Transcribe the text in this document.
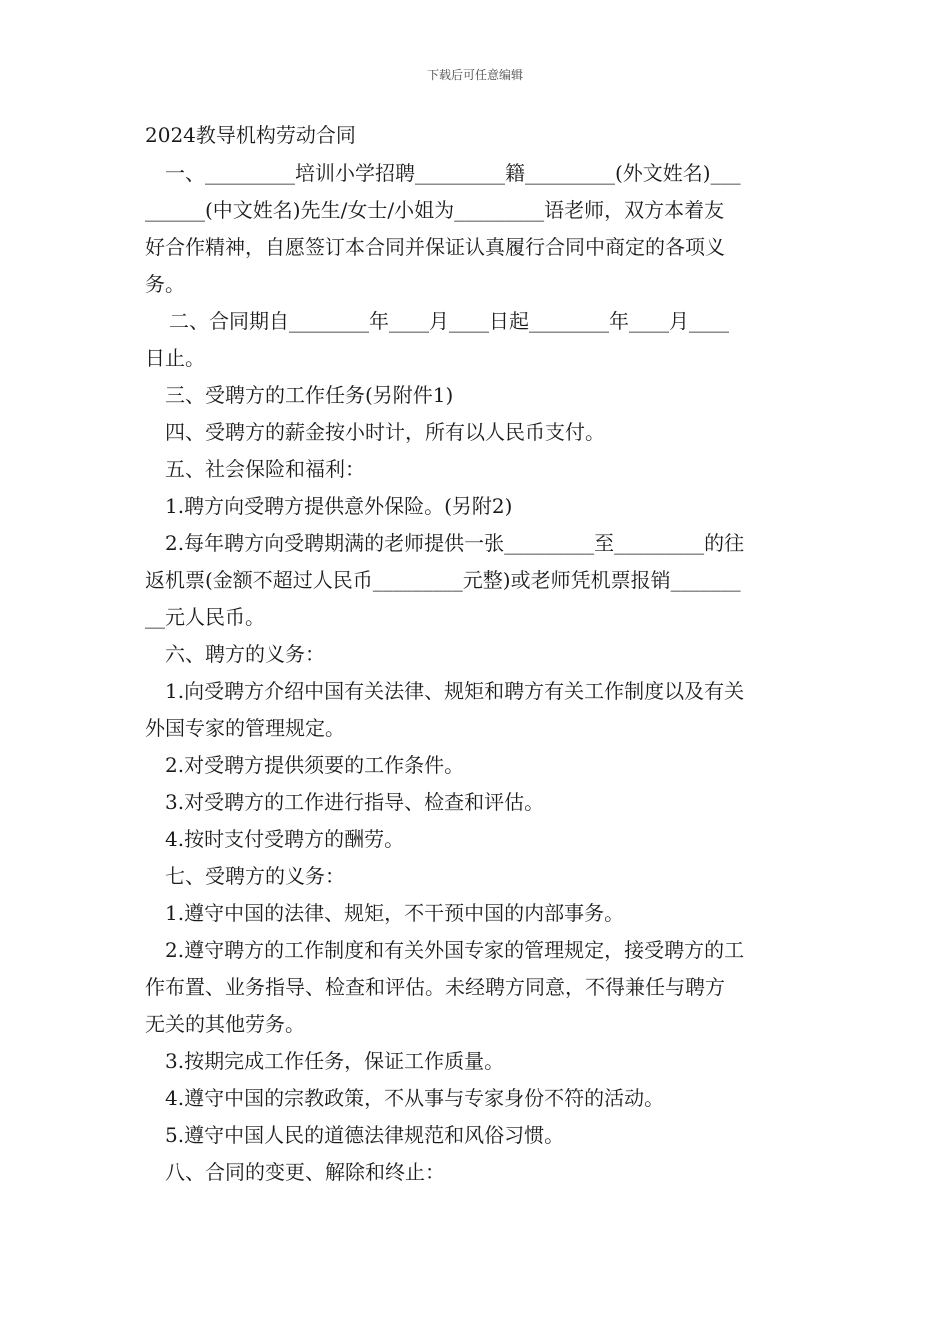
下载后可任意编辑
2024教导机构劳动合同

一、_________培训小学招聘_________籍_________(外文姓名)___

______(中文姓名)先生/女士/小姐为_________语老师，双方本着友

好合作精神，自愿签订本合同并保证认真履行合同中商定的各项义

务。

二、合同期自________年____月____日起________年____月____

日止。

三、受聘方的工作任务(另附件1)

四、受聘方的薪金按小时计，所有以人民币支付。

五、社会保险和福利：

1.聘方向受聘方提供意外保险。(另附2)

2.每年聘方向受聘期满的老师提供一张_________至_________的往

返机票(金额不超过人民币_________元整)或老师凭机票报销_______

__元人民币。

六、聘方的义务：

1.向受聘方介绍中国有关法律、规矩和聘方有关工作制度以及有关

外国专家的管理规定。

2.对受聘方提供须要的工作条件。

3.对受聘方的工作进行指导、检查和评估。

4.按时支付受聘方的酬劳。

七、受聘方的义务：

1.遵守中国的法律、规矩，不干预中国的内部事务。

2.遵守聘方的工作制度和有关外国专家的管理规定，接受聘方的工

作布置、业务指导、检查和评估。未经聘方同意，不得兼任与聘方

无关的其他劳务。

3.按期完成工作任务，保证工作质量。

4.遵守中国的宗教政策，不从事与专家身份不符的活动。

5.遵守中国人民的道德法律规范和风俗习惯。

八、合同的变更、解除和终止：
